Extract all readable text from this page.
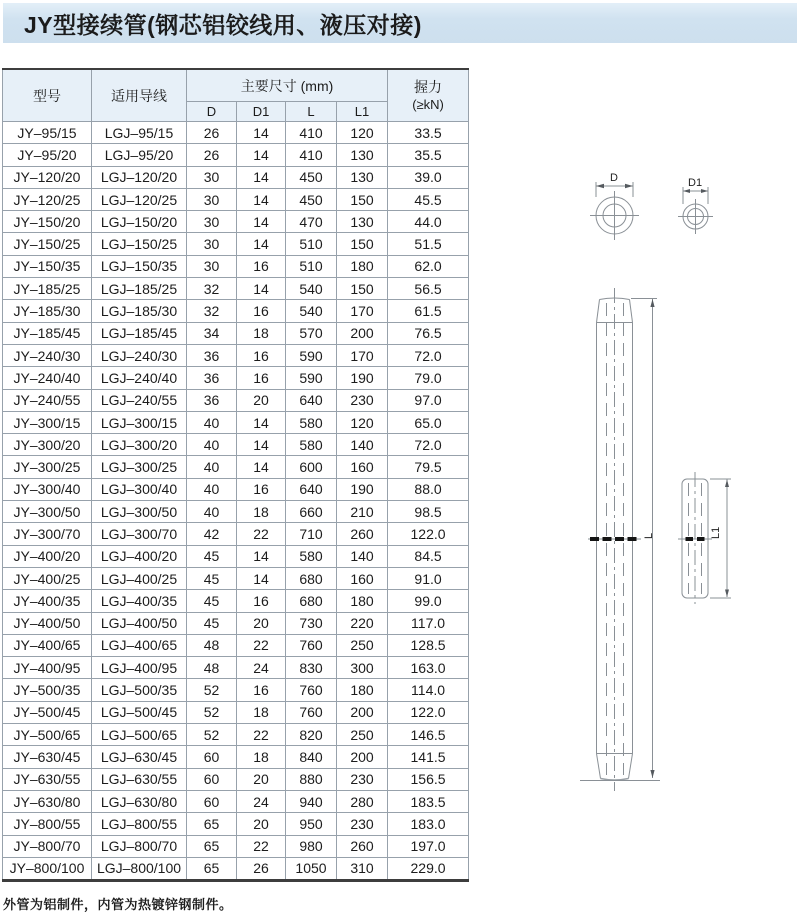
JY型接续管(钢芯铝铰线用、液压对接)
型号	适用导线	主要尺寸 (mm)				握力
(≥kN)

		D	D1	L	L1	
JY–95/15	LGJ–95/15	26	14	410	120	33.5
JY–95/20	LGJ–95/20	26	14	410	130	35.5
JY–120/20	LGJ–120/20	30	14	450	130	39.0
JY–120/25	LGJ–120/25	30	14	450	150	45.5
JY–150/20	LGJ–150/20	30	14	470	130	44.0
JY–150/25	LGJ–150/25	30	14	510	150	51.5
JY–150/35	LGJ–150/35	30	16	510	180	62.0
JY–185/25	LGJ–185/25	32	14	540	150	56.5
JY–185/30	LGJ–185/30	32	16	540	170	61.5
JY–185/45	LGJ–185/45	34	18	570	200	76.5
JY–240/30	LGJ–240/30	36	16	590	170	72.0
JY–240/40	LGJ–240/40	36	16	590	190	79.0
JY–240/55	LGJ–240/55	36	20	640	230	97.0
JY–300/15	LGJ–300/15	40	14	580	120	65.0
JY–300/20	LGJ–300/20	40	14	580	140	72.0
JY–300/25	LGJ–300/25	40	14	600	160	79.5
JY–300/40	LGJ–300/40	40	16	640	190	88.0
JY–300/50	LGJ–300/50	40	18	660	210	98.5
JY–300/70	LGJ–300/70	42	22	710	260	122.0
JY–400/20	LGJ–400/20	45	14	580	140	84.5
JY–400/25	LGJ–400/25	45	14	680	160	91.0
JY–400/35	LGJ–400/35	45	16	680	180	99.0
JY–400/50	LGJ–400/50	45	20	730	220	117.0
JY–400/65	LGJ–400/65	48	22	760	250	128.5
JY–400/95	LGJ–400/95	48	24	830	300	163.0
JY–500/35	LGJ–500/35	52	16	760	180	114.0
JY–500/45	LGJ–500/45	52	18	760	200	122.0
JY–500/65	LGJ–500/65	52	22	820	250	146.5
JY–630/45	LGJ–630/45	60	18	840	200	141.5
JY–630/55	LGJ–630/55	60	20	880	230	156.5
JY–630/80	LGJ–630/80	60	24	940	280	183.5
JY–800/55	LGJ–800/55	65	20	950	230	183.0
JY–800/70	LGJ–800/70	65	22	980	260	197.0
JY–800/100	LGJ–800/100	65	26	1050	310	229.0
D	D1
L	L1
外管为铝制件，内管为热镀锌钢制件。
